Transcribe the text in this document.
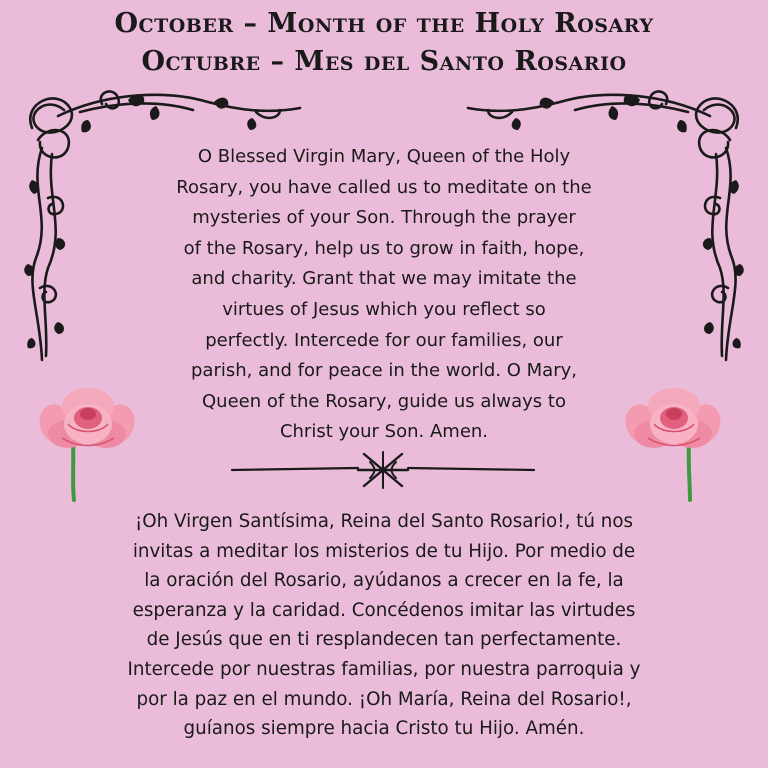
October – Month of the Holy Rosary
Octubre – Mes del Santo Rosario
O Blessed Virgin Mary, Queen of the Holy
Rosary, you have called us to meditate on the
mysteries of your Son. Through the prayer
of the Rosary, help us to grow in faith, hope,
and charity. Grant that we may imitate the
virtues of Jesus which you reflect so
perfectly. Intercede for our families, our
parish, and for peace in the world. O Mary,
Queen of the Rosary, guide us always to
Christ your Son. Amen.
¡Oh Virgen Santísima, Reina del Santo Rosario!, tú nos
invitas a meditar los misterios de tu Hijo. Por medio de
la oración del Rosario, ayúdanos a crecer en la fe, la
esperanza y la caridad. Concédenos imitar las virtudes
de Jesús que en ti resplandecen tan perfectamente.
Intercede por nuestras familias, por nuestra parroquia y
por la paz en el mundo. ¡Oh María, Reina del Rosario!,
guíanos siempre hacia Cristo tu Hijo. Amén.
